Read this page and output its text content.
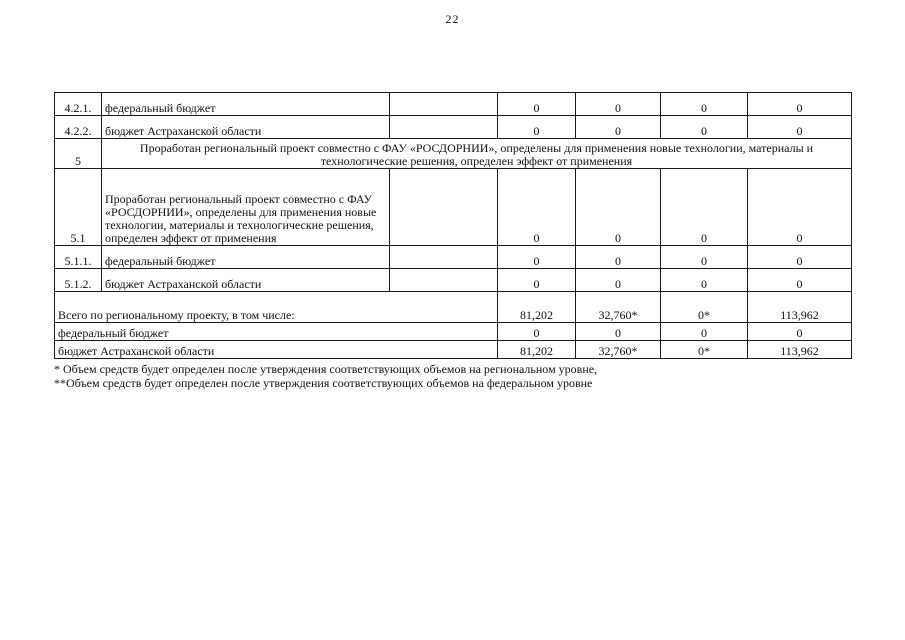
22
4.2.1.	федеральный бюджет		0	0	0	0
4.2.2.	бюджет Астраханской области		0	0	0	0
5	Проработан региональный проект совместно с ФАУ «РОСДОРНИИ», определены для применения новые технологии, материалы и
технологические решения, определен эффект от применения					

5.1	Проработан региональный проект совместно с ФАУ «РОСДОРНИИ», определены для применения новые технологии, материалы и технологические решения, определен эффект от применения		0	0	0	0
5.1.1.	федеральный бюджет		0	0	0	0
5.1.2.	бюджет Астраханской области		0	0	0	0
Всего по региональному проекту, в том числе:			81,202	32,760*	0*	113,962
федеральный бюджет			0	0	0	0
бюджет Астраханской области			81,202	32,760*	0*	113,962
* Объем средств будет определен после утверждения соответствующих объемов на региональном уровне,
**Объем средств будет определен после утверждения соответствующих объемов на федеральном уровне
